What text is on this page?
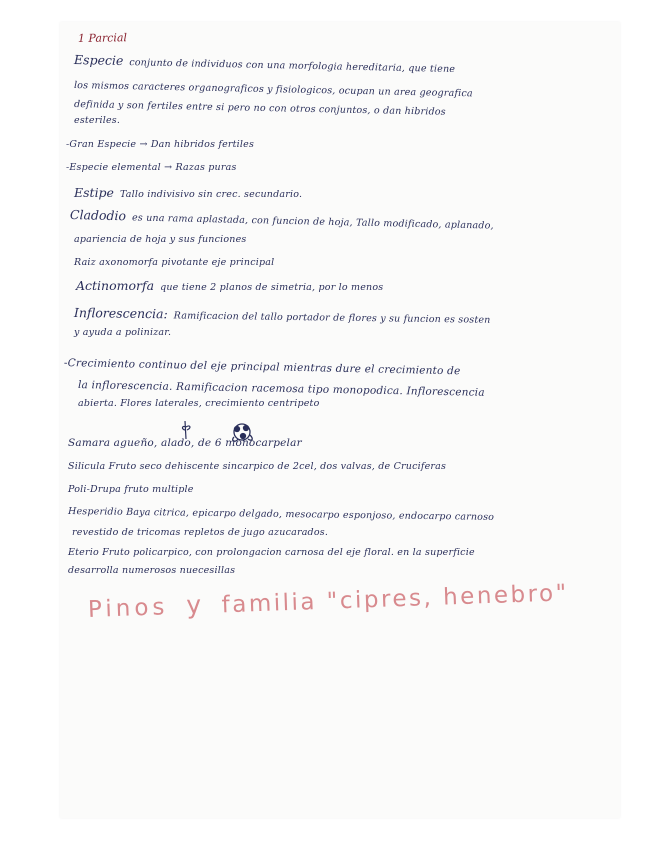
1 Parcial
Especie conjunto de individuos con una morfologia hereditaria, que tiene
los mismos caracteres organograficos y fisiologicos, ocupan un area geografica
definida y son fertiles entre si pero no con otros conjuntos, o dan hibridos
esteriles.
-Gran Especie → Dan hibridos fertiles
-Especie elemental → Razas puras
Estipe Tallo indivisivo sin crec. secundario.
Cladodio es una rama aplastada, con funcion de hoja, Tallo modificado, aplanado,
apariencia de hoja y sus funciones
Raiz axonomorfa pivotante eje principal
Actinomorfa que tiene 2 planos de simetria, por lo menos
Inflorescencia: Ramificacion del tallo portador de flores y su funcion es sosten
y ayuda a polinizar.
-Crecimiento continuo del eje principal mientras dure el crecimiento de
la inflorescencia. Ramificacion racemosa tipo monopodica. Inflorescencia
abierta. Flores laterales, crecimiento centripeto
Samara agueño, alado, de 6 monocarpelar
Silicula Fruto seco dehiscente sincarpico de 2cel, dos valvas, de Cruciferas
Poli-Drupa fruto multiple
Hesperidio Baya citrica, epicarpo delgado, mesocarpo esponjoso, endocarpo carnoso
revestido de tricomas repletos de jugo azucarados.
Eterio Fruto policarpico, con prolongacion carnosa del eje floral. en la superficie
desarrolla numerosos nuecesillas
Pinos y familia "cipres, henebro"
